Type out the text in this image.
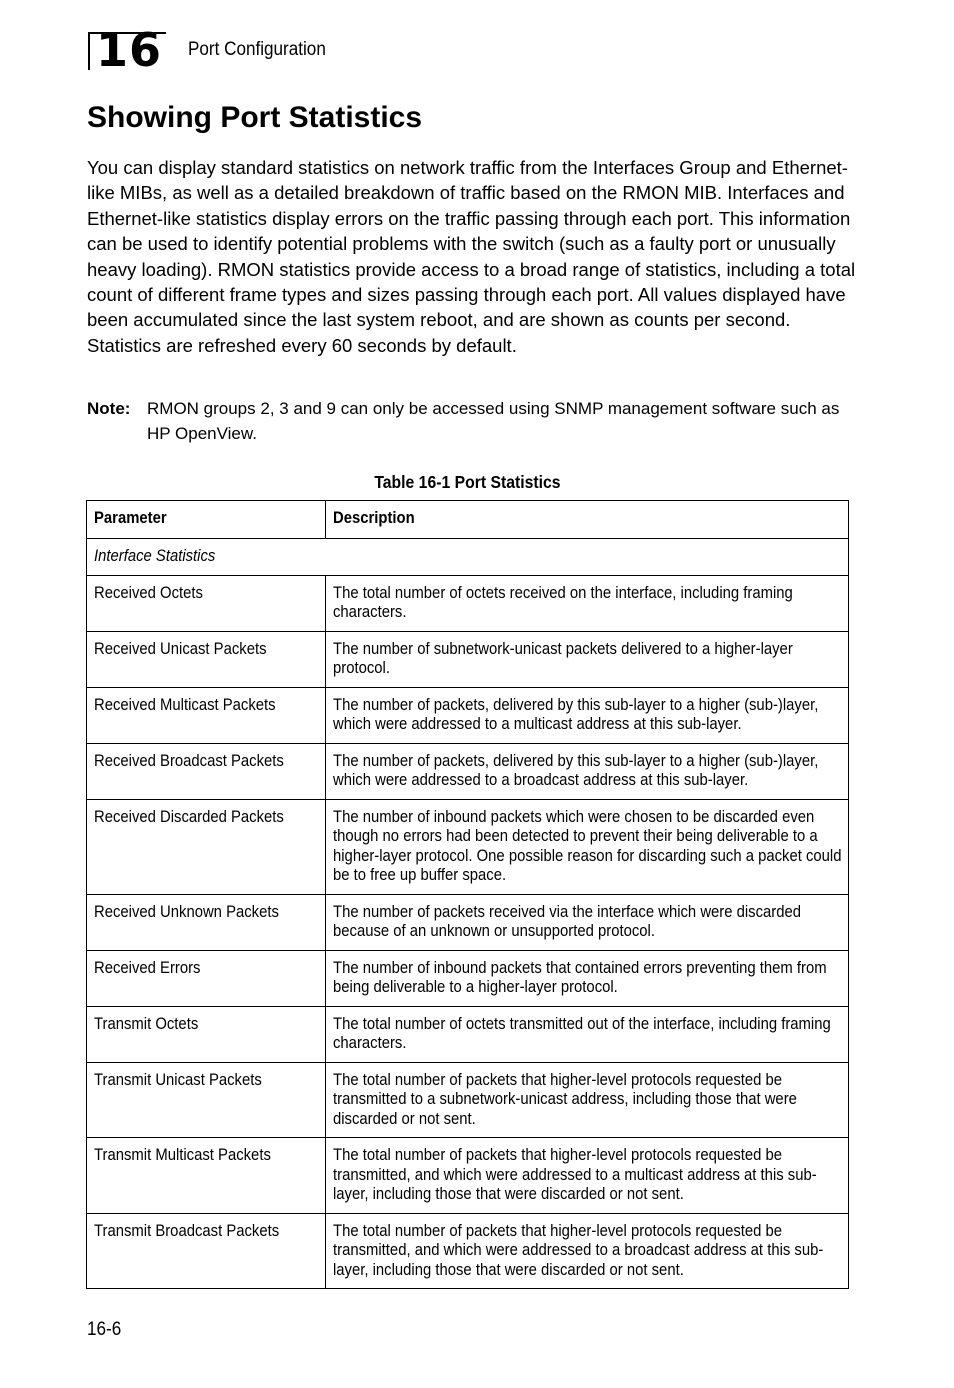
16 Port Configuration
Showing Port Statistics

You can display standard statistics on network traffic from the Interfaces Group and Ethernet-like MIBs, as well as a detailed breakdown of traffic based on the RMON MIB. Interfaces and Ethernet-like statistics display errors on the traffic passing through each port. This information can be used to identify potential problems with the switch (such as a faulty port or unusually heavy loading). RMON statistics provide access to a broad range of statistics, including a total count of different frame types and sizes passing through each port. All values displayed have been accumulated since the last system reboot, and are shown as counts per second. Statistics are refreshed every 60 seconds by default.

Note: RMON groups 2, 3 and 9 can only be accessed using SNMP management software such as HP OpenView.
Table 16-1 Port Statistics
Parameter	Description

Interface Statistics	

Received Octets	The total number of octets received on the interface, including framing characters.

Received Unicast Packets	The number of subnetwork-unicast packets delivered to a higher-layer protocol.

Received Multicast Packets	The number of packets, delivered by this sub-layer to a higher (sub-)layer, which were addressed to a multicast address at this sub-layer.

Received Broadcast Packets	The number of packets, delivered by this sub-layer to a higher (sub-)layer, which were addressed to a broadcast address at this sub-layer.

Received Discarded Packets	The number of inbound packets which were chosen to be discarded even though no errors had been detected to prevent their being deliverable to a higher-layer protocol. One possible reason for discarding such a packet could be to free up buffer space.

Received Unknown Packets	The number of packets received via the interface which were discarded because of an unknown or unsupported protocol.

Received Errors	The number of inbound packets that contained errors preventing them from being deliverable to a higher-layer protocol.

Transmit Octets	The total number of octets transmitted out of the interface, including framing characters.

Transmit Unicast Packets	The total number of packets that higher-level protocols requested be transmitted to a subnetwork-unicast address, including those that were discarded or not sent.

Transmit Multicast Packets	The total number of packets that higher-level protocols requested be transmitted, and which were addressed to a multicast address at this sub-layer, including those that were discarded or not sent.

Transmit Broadcast Packets	The total number of packets that higher-level protocols requested be transmitted, and which were addressed to a broadcast address at this sub-layer, including those that were discarded or not sent.
16-6
